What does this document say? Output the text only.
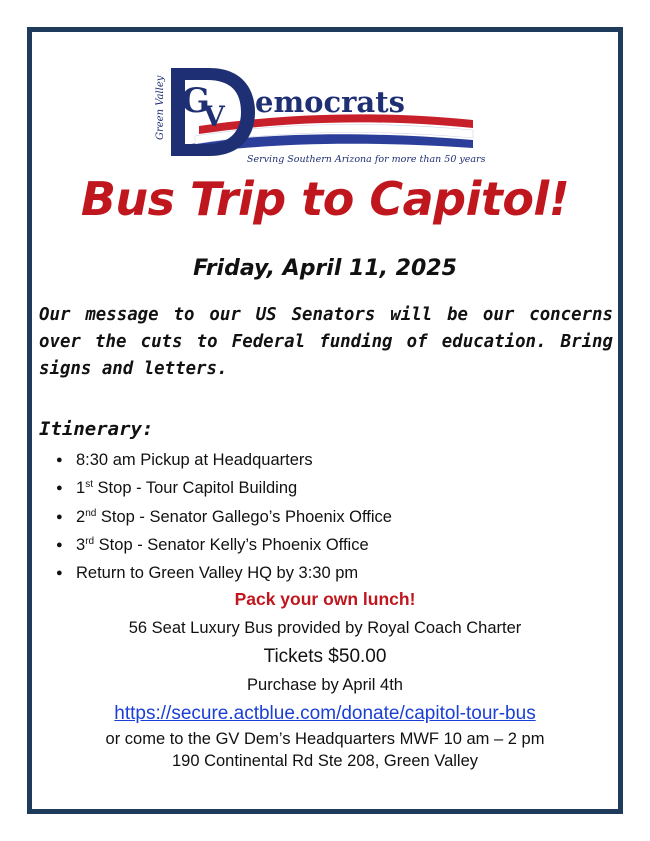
G
V
Green Valley	emocrats
Serving Southern Arizona for more than 50 years
Bus Trip to Capitol!
Friday, April 11, 2025
Our message to our US Senators will be our concerns over the cuts to Federal funding of education. Bring signs and letters.
Itinerary:
● 8:30 am Pickup at Headquarters
● 1st Stop - Tour Capitol Building
● 2nd Stop - Senator Gallego’s Phoenix Office
● 3rd Stop - Senator Kelly’s Phoenix Office
● Return to Green Valley HQ by 3:30 pm
Pack your own lunch!
56 Seat Luxury Bus provided by Royal Coach Charter
Tickets $50.00
Purchase by April 4th
https://secure.actblue.com/donate/capitol-tour-bus
or come to the GV Dem’s Headquarters MWF 10 am – 2 pm
190 Continental Rd Ste 208, Green Valley
